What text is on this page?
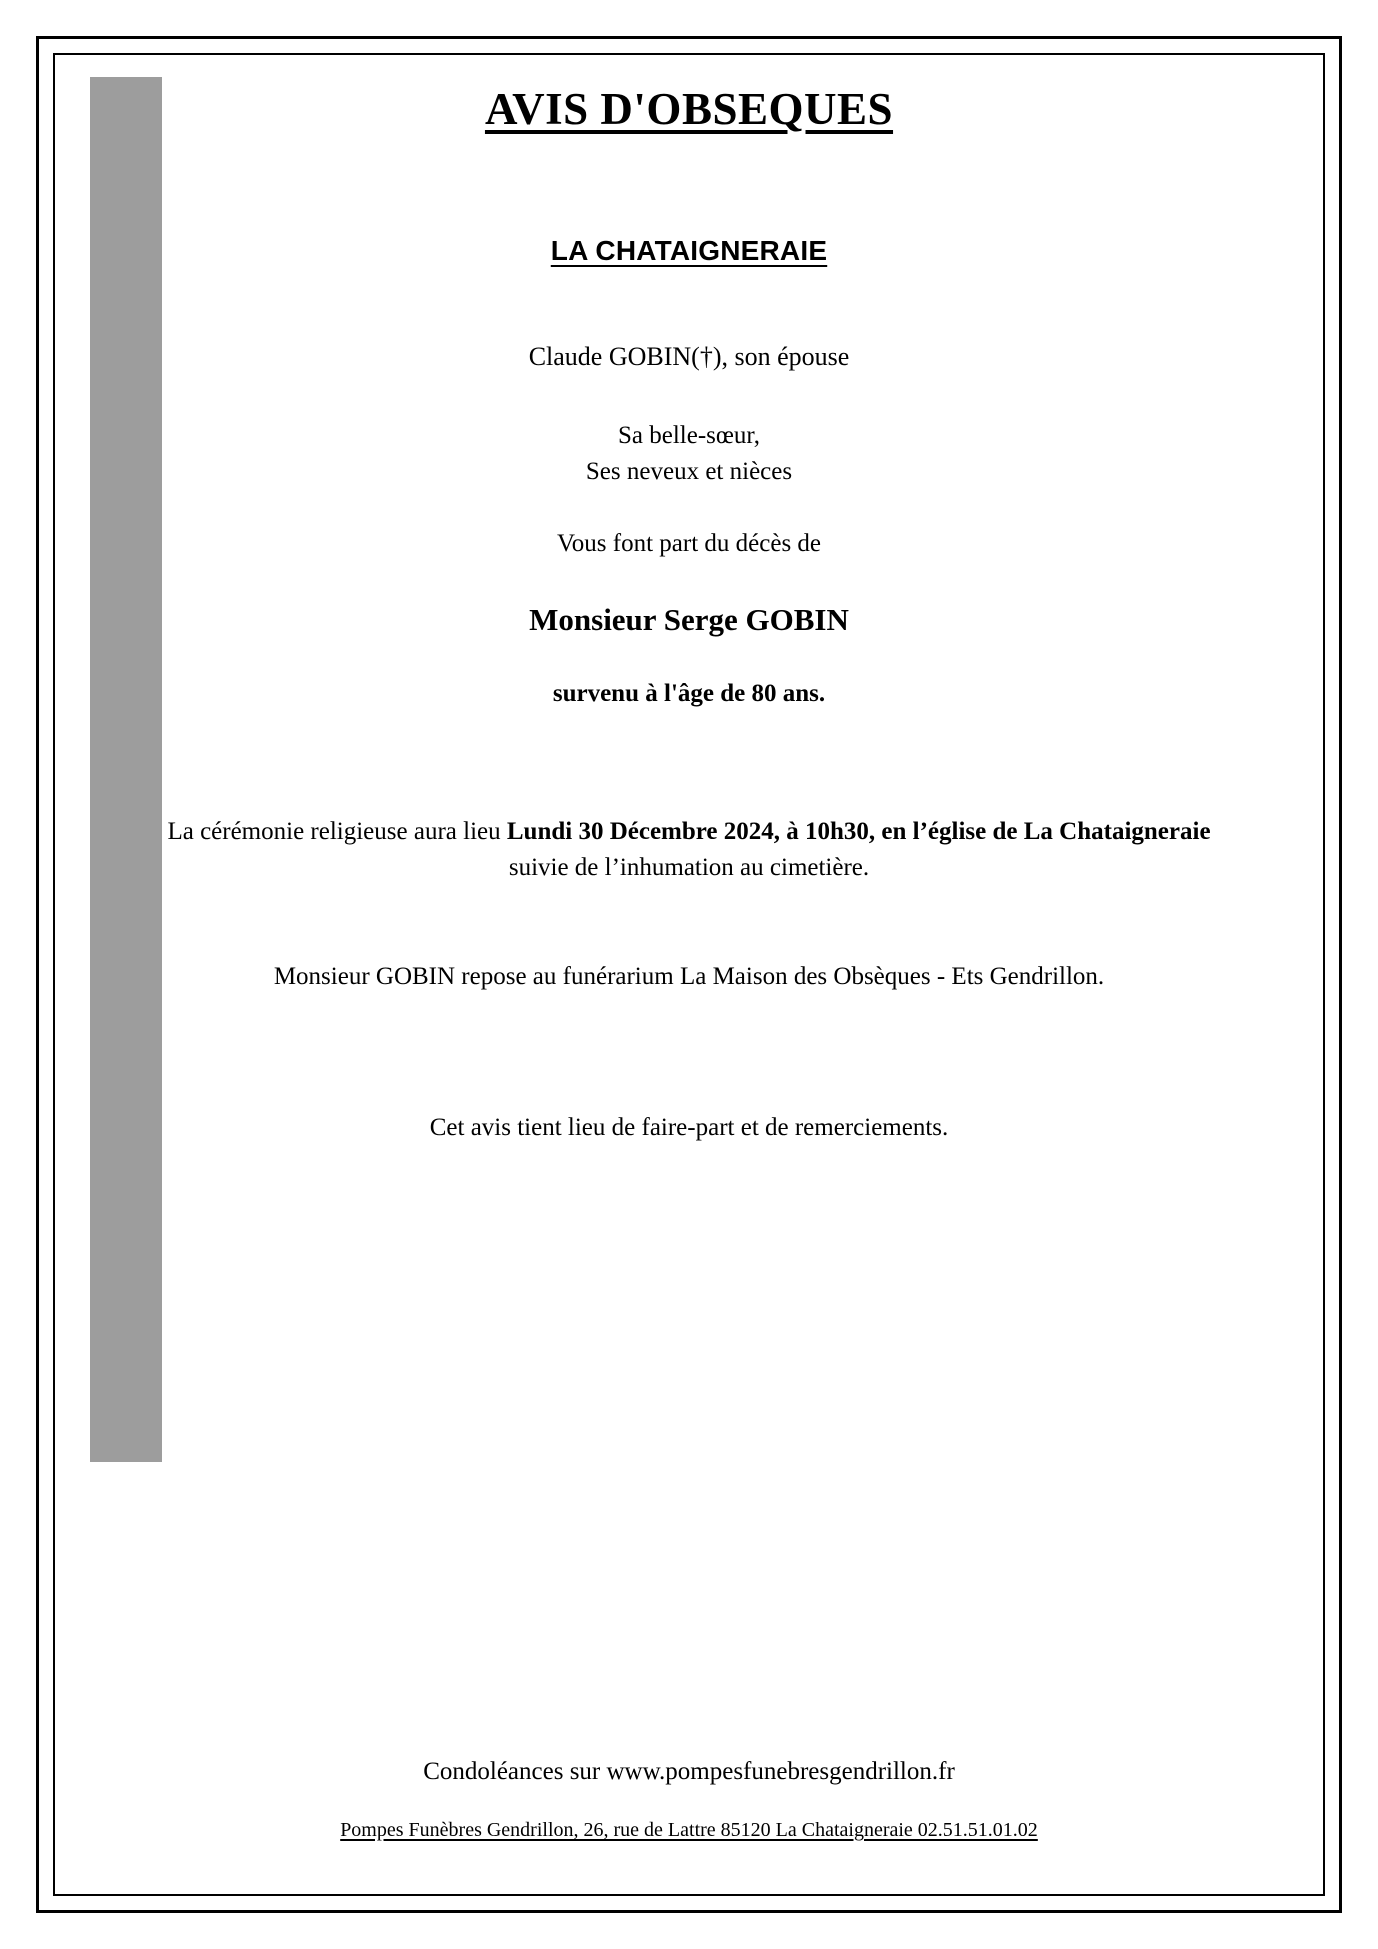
AVIS D'OBSEQUES
LA CHATAIGNERAIE

Claude GOBIN(†), son épouse

Sa belle-sœur,
Ses neveux et nièces

Vous font part du décès de

Monsieur Serge GOBIN

survenu à l'âge de 80 ans.

La cérémonie religieuse aura lieu Lundi 30 Décembre 2024, à 10h30, en l’église de La Chataigneraie suivie de l’inhumation au cimetière.

Monsieur GOBIN repose au funérarium La Maison des Obsèques - Ets Gendrillon.

Cet avis tient lieu de faire-part et de remerciements.

Condoléances sur www.pompesfunebresgendrillon.fr
Pompes Funèbres Gendrillon, 26, rue de Lattre 85120 La Chataigneraie 02.51.51.01.02
